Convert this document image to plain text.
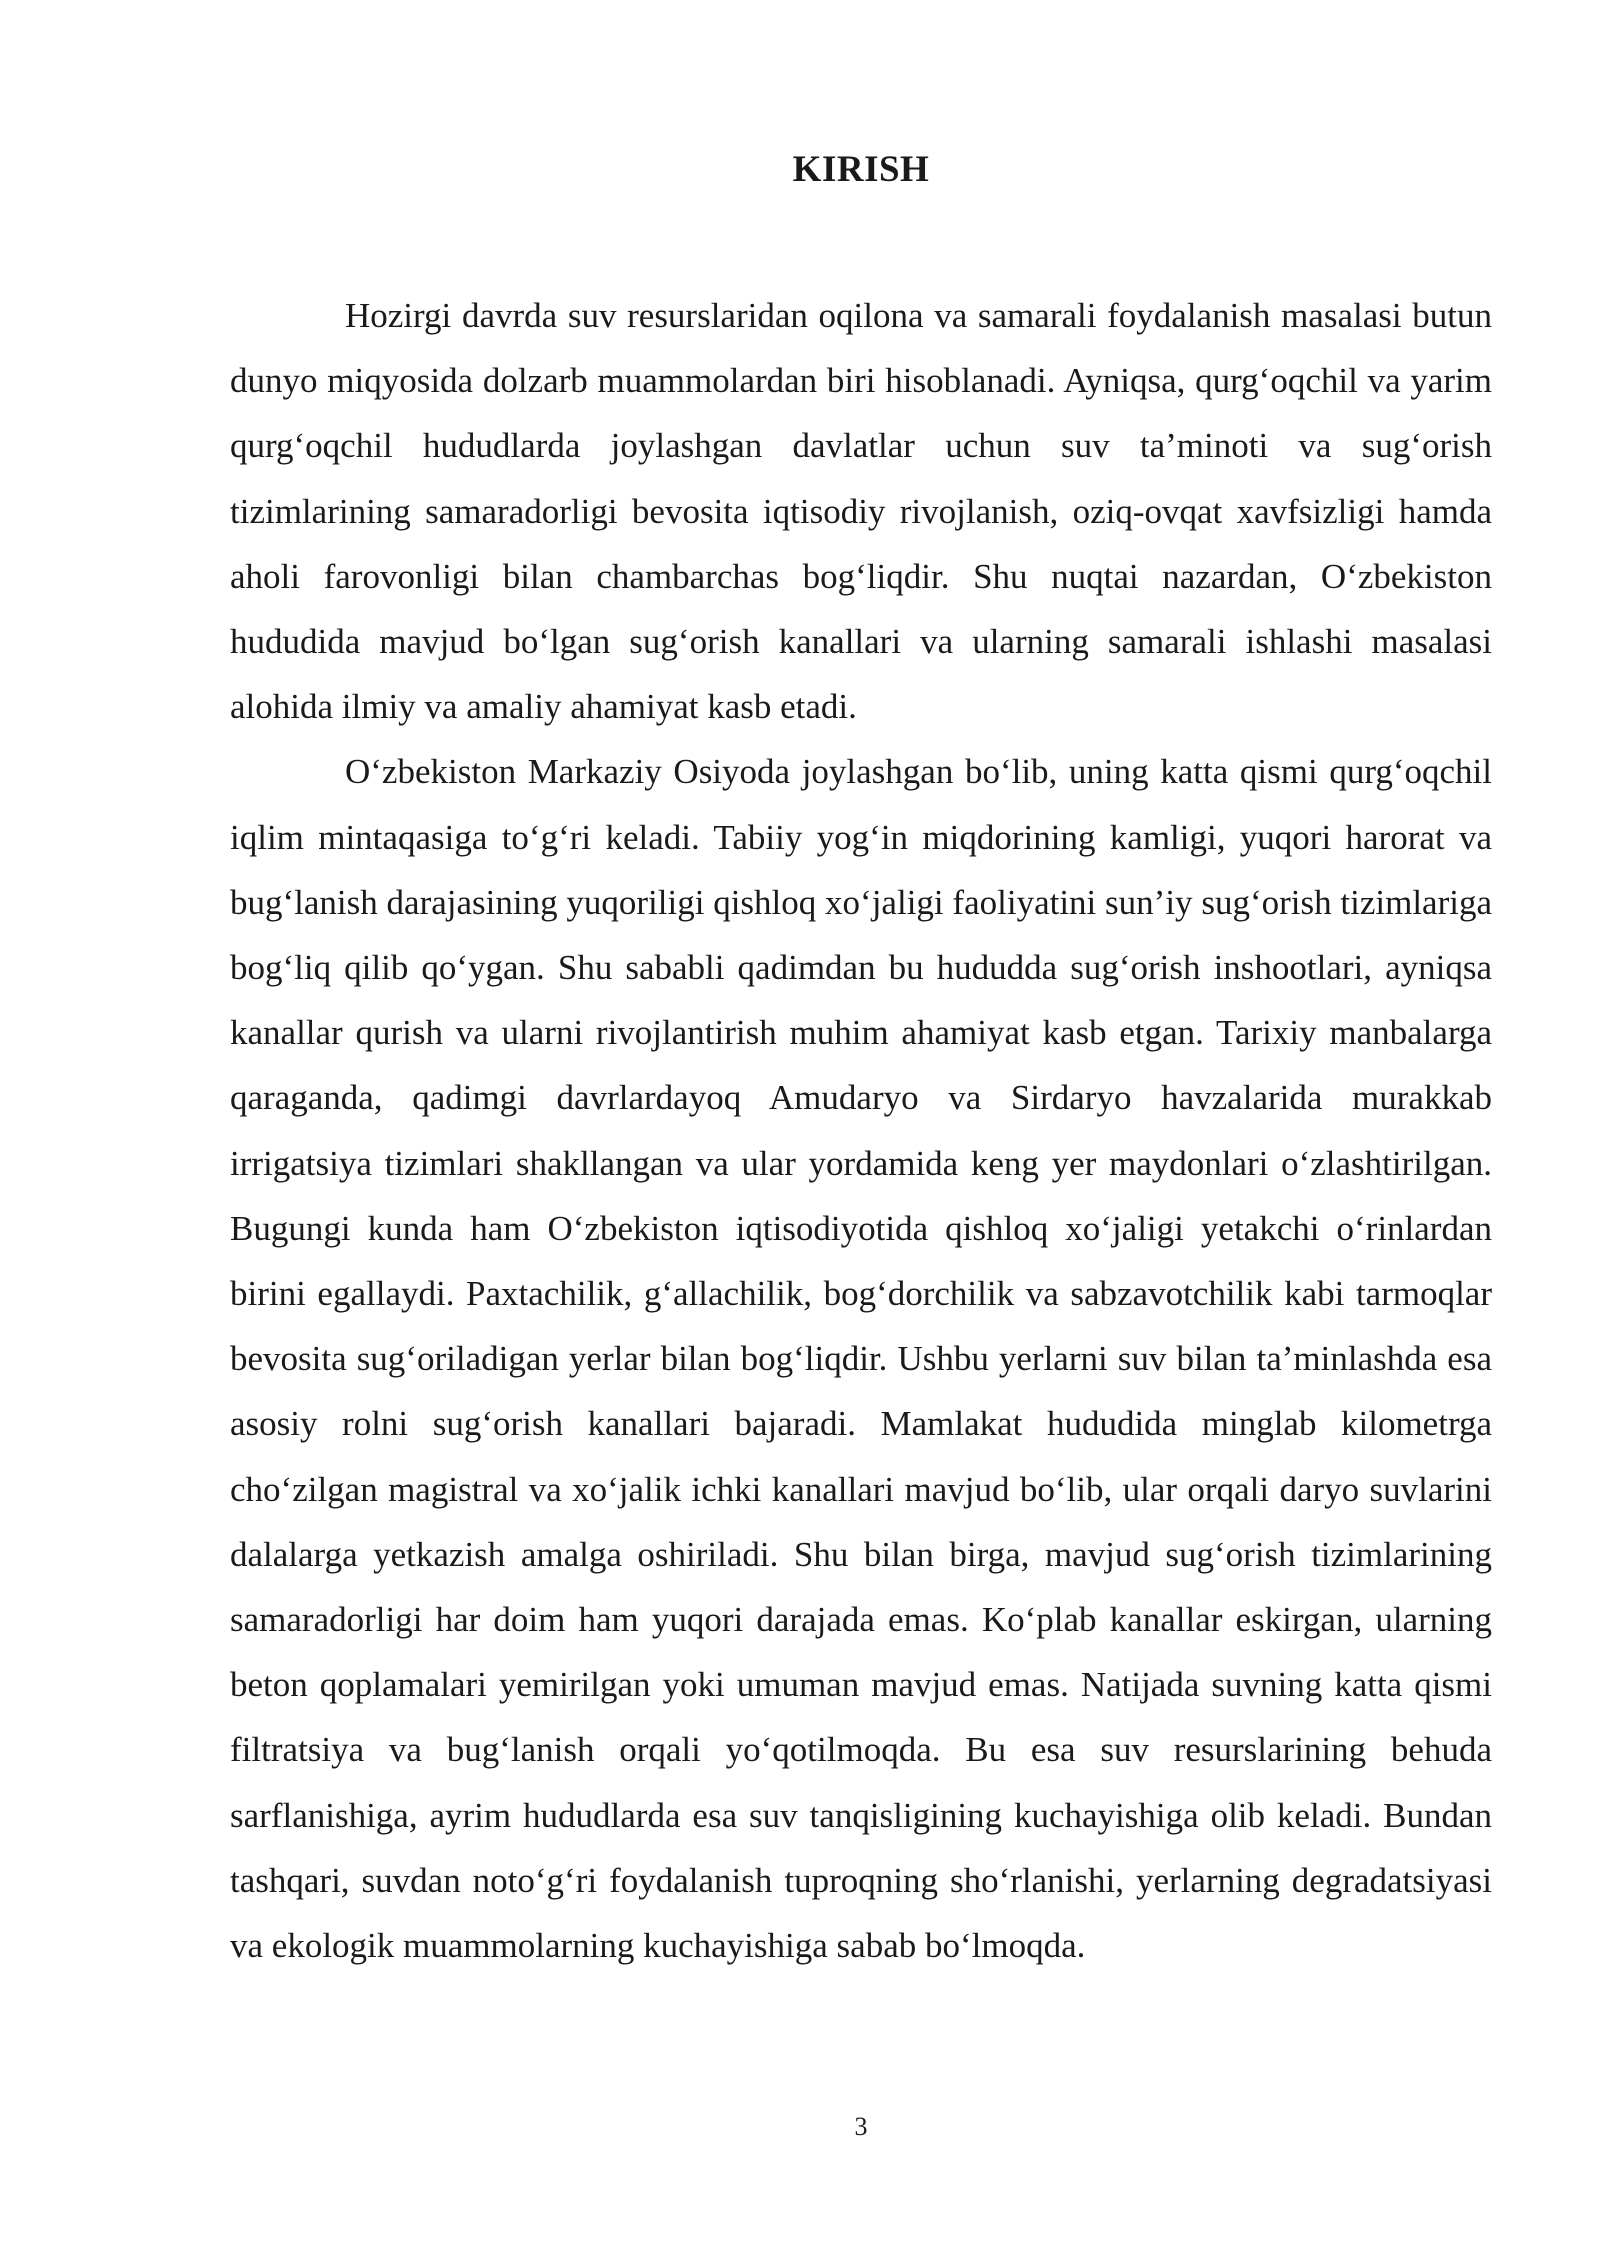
KIRISH

Hozirgi davrda suv resurslaridan oqilona va samarali foydalanish masalasi butun dunyo miqyosida dolzarb muammolardan biri hisoblanadi. Ayniqsa, qurg‘oqchil va yarim qurg‘oqchil hududlarda joylashgan davlatlar uchun suv ta’minoti va sug‘orish tizimlarining samaradorligi bevosita iqtisodiy rivojlanish, oziq-ovqat xavfsizligi hamda aholi farovonligi bilan chambarchas bog‘liqdir. Shu nuqtai nazardan, O‘zbekiston hududida mavjud bo‘lgan sug‘orish kanallari va ularning samarali ishlashi masalasi alohida ilmiy va amaliy ahamiyat kasb etadi.

O‘zbekiston Markaziy Osiyoda joylashgan bo‘lib, uning katta qismi qurg‘oqchil iqlim mintaqasiga to‘g‘ri keladi. Tabiiy yog‘in miqdorining kamligi, yuqori harorat va bug‘lanish darajasining yuqoriligi qishloq xo‘jaligi faoliyatini sun’iy sug‘orish tizimlariga bog‘liq qilib qo‘ygan. Shu sababli qadimdan bu hududda sug‘orish inshootlari, ayniqsa kanallar qurish va ularni rivojlantirish muhim ahamiyat kasb etgan. Tarixiy manbalarga qaraganda, qadimgi davrlardayoq Amudaryo va Sirdaryo havzalarida murakkab irrigatsiya tizimlari shakllangan va ular yordamida keng yer maydonlari o‘zlashtirilgan. Bugungi kunda ham O‘zbekiston iqtisodiyotida qishloq xo‘jaligi yetakchi o‘rinlardan birini egallaydi. Paxtachilik, g‘allachilik, bog‘dorchilik va sabzavotchilik kabi tarmoqlar bevosita sug‘oriladigan yerlar bilan bog‘liqdir. Ushbu yerlarni suv bilan ta’minlashda esa asosiy rolni sug‘orish kanallari bajaradi. Mamlakat hududida minglab kilometrga cho‘zilgan magistral va xo‘jalik ichki kanallari mavjud bo‘lib, ular orqali daryo suvlarini dalalarga yetkazish amalga oshiriladi. Shu bilan birga, mavjud sug‘orish tizimlarining samaradorligi har doim ham yuqori darajada emas. Ko‘plab kanallar eskirgan, ularning beton qoplamalari yemirilgan yoki umuman mavjud emas. Natijada suvning katta qismi filtratsiya va bug‘lanish orqali yo‘qotilmoqda. Bu esa suv resurslarining behuda sarflanishiga, ayrim hududlarda esa suv tanqisligining kuchayishiga olib keladi. Bundan tashqari, suvdan noto‘g‘ri foydalanish tuproqning sho‘rlanishi, yerlarning degradatsiyasi va ekologik muammolarning kuchayishiga sabab bo‘lmoqda.

3
